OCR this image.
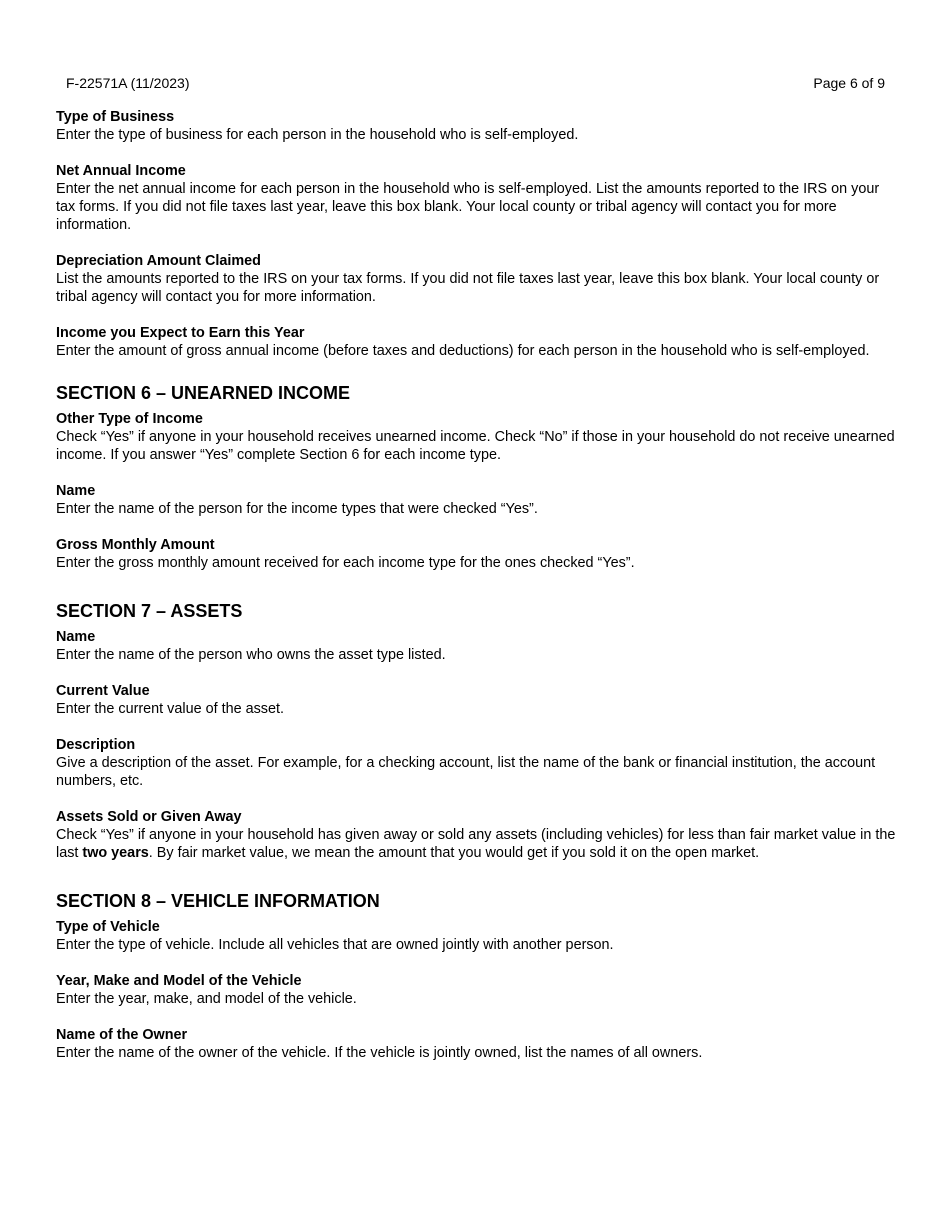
F-22571A (11/2023)	Page 6 of 9
Type of Business
Enter the type of business for each person in the household who is self-employed.
Net Annual Income
Enter the net annual income for each person in the household who is self-employed. List the amounts reported to the IRS on your tax forms. If you did not file taxes last year, leave this box blank. Your local county or tribal agency will contact you for more information.
Depreciation Amount Claimed
List the amounts reported to the IRS on your tax forms. If you did not file taxes last year, leave this box blank. Your local county or tribal agency will contact you for more information.
Income you Expect to Earn this Year
Enter the amount of gross annual income (before taxes and deductions) for each person in the household who is self-employed.
SECTION 6 – UNEARNED INCOME
Other Type of Income
Check “Yes” if anyone in your household receives unearned income. Check “No” if those in your household do not receive unearned income. If you answer “Yes” complete Section 6 for each income type.
Name
Enter the name of the person for the income types that were checked “Yes”.
Gross Monthly Amount
Enter the gross monthly amount received for each income type for the ones checked “Yes”.
SECTION 7 – ASSETS
Name
Enter the name of the person who owns the asset type listed.
Current Value
Enter the current value of the asset.
Description
Give a description of the asset. For example, for a checking account, list the name of the bank or financial institution, the account numbers, etc.
Assets Sold or Given Away
Check “Yes” if anyone in your household has given away or sold any assets (including vehicles) for less than fair market value in the last two years. By fair market value, we mean the amount that you would get if you sold it on the open market.
SECTION 8 – VEHICLE INFORMATION
Type of Vehicle
Enter the type of vehicle. Include all vehicles that are owned jointly with another person.
Year, Make and Model of the Vehicle
Enter the year, make, and model of the vehicle.
Name of the Owner
Enter the name of the owner of the vehicle. If the vehicle is jointly owned, list the names of all owners.
